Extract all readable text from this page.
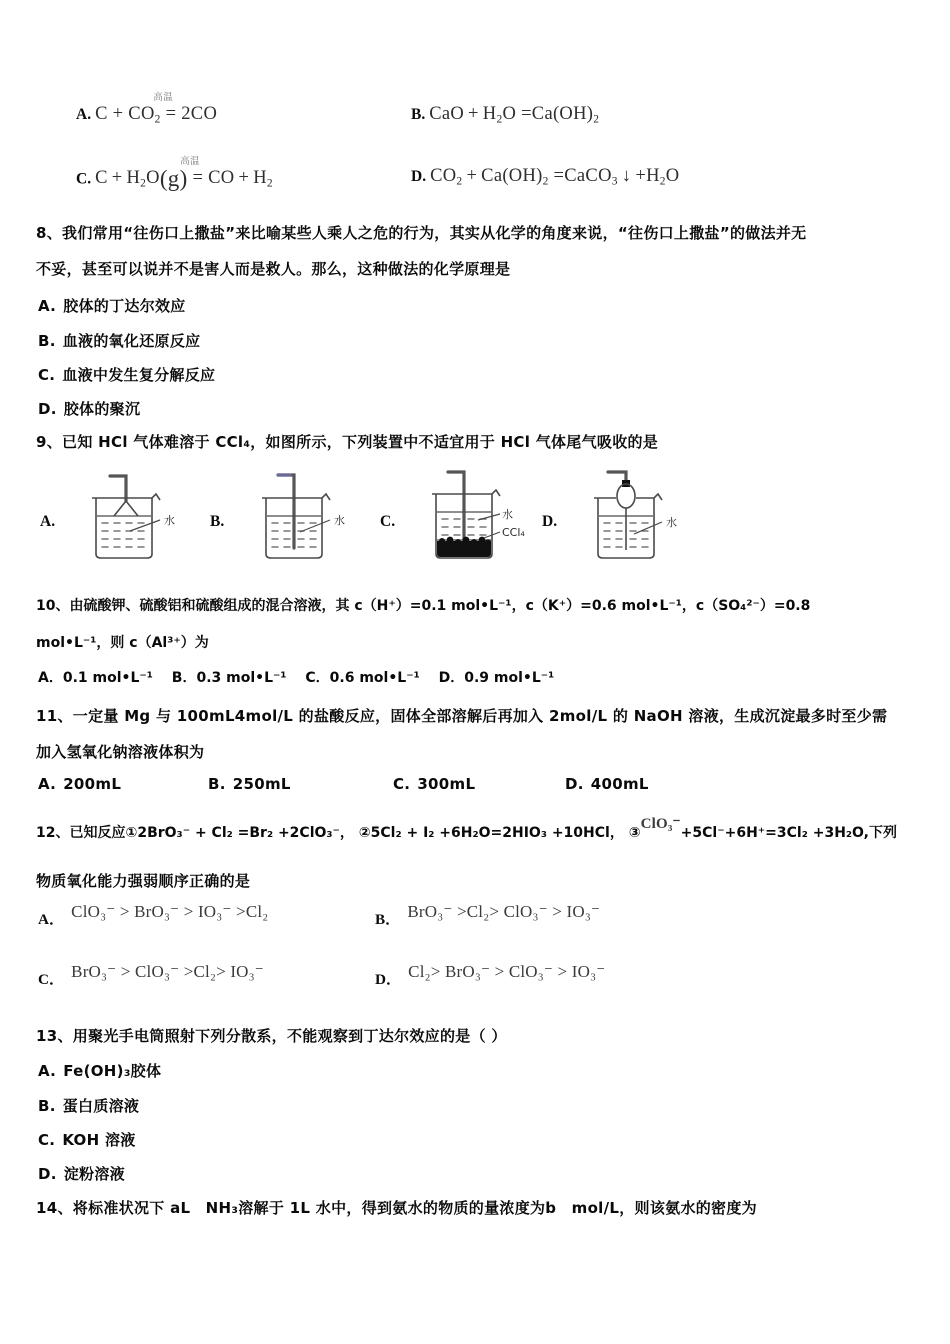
A. $C + CO_2$
高温
= 2CO	B. CaO + $H_2O =Ca(OH)_2$
C. $C + H_2O(g)$
高温
= CO + $H_2$	D. $CO_2 + Ca(OH)_2$ =CaCO$_3$ ↓ $+H_2O$
8、我们常用“往伤口上撒盐”来比喻某些人乘人之危的行为，其实从化学的角度来说，“往伤口上撒盐”的做法并无
不妥，甚至可以说并不是害人而是救人。那么，这种做法的化学原理是
A. 胶体的丁达尔效应
B. 血液的氧化还原反应
C. 血液中发生复分解反应
D. 胶体的聚沉
9、已知 HCl 气体难溶于 CCl₄，如图所示，下列装置中不适宜用于 HCl 气体尾气吸收的是
A.	水 B.	水 C.	水
CCl₄
D.	水
10、由硫酸钾、硫酸铝和硫酸组成的混合溶液，其 c（H⁺）=0.1 mol•L⁻¹，c（K⁺）=0.6 mol•L⁻¹，c（SO₄²⁻）=0.8
mol•L⁻¹，则 c（Al³⁺）为
A．0.1 mol•L⁻¹　 B．0.3 mol•L⁻¹　 C．0.6 mol•L⁻¹　 D．0.9 mol•L⁻¹
11、一定量 Mg 与 100mL4mol/L 的盐酸反应，固体全部溶解后再加入 2mol/L 的 NaOH 溶液，生成沉淀最多时至少需
加入氢氧化钠溶液体积为
A. 200mL	B. 250mL	C. 300mL	D. 400mL
12、已知反应①2BrO₃⁻ + Cl₂ =Br₂ +2ClO₃⁻， ②5Cl₂ + I₂ +6H₂O=2HIO₃ +10HCl， ③ClO₃⁻+5Cl⁻+6H⁺=3Cl₂ +3H₂O,下列
物质氧化能力强弱顺序正确的是
A． ClO₃⁻ > BrO₃⁻ > IO₃⁻ >Cl₂	B． BrO₃⁻ >Cl₂> ClO₃⁻ > IO₃⁻
C． BrO₃⁻ > ClO₃⁻ >Cl₂> IO₃⁻	D． Cl₂> BrO₃⁻ > ClO₃⁻ > IO₃⁻
13、用聚光手电筒照射下列分散系，不能观察到丁达尔效应的是（ ）
A. Fe(OH)₃胶体
B. 蛋白质溶液
C. KOH 溶液
D. 淀粉溶液
14、将标准状况下 aL　NH₃溶解于 1L 水中，得到氨水的物质的量浓度为b　mol/L，则该氨水的密度为
